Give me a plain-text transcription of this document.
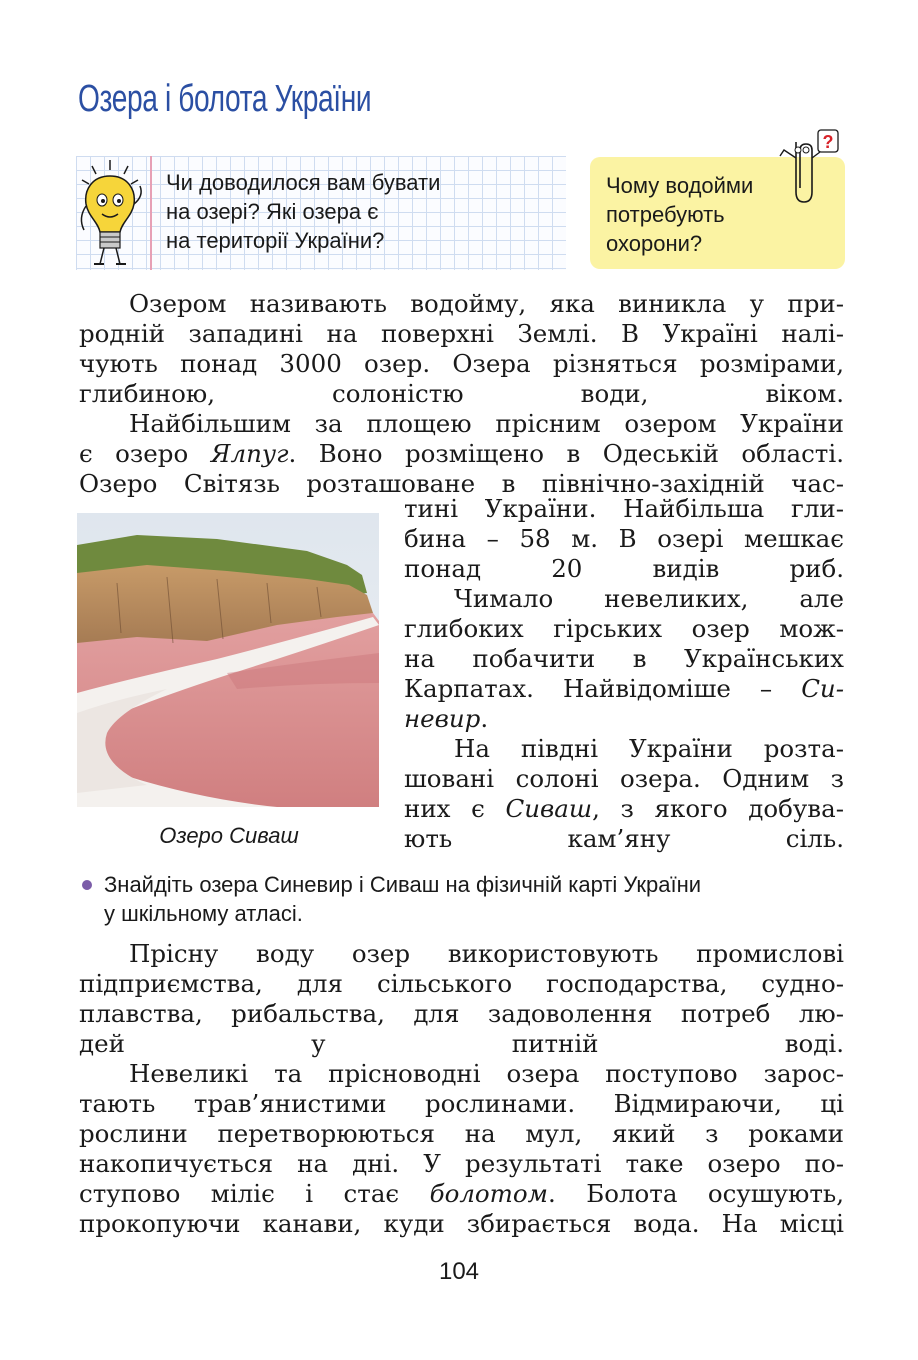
Озера і болота України
Чи доводилося вам бувати
на озері? Які озера є
на території України?
Чому водойми
потребують
охорони?
?
Озером називають водойму, яка виникла у при-
родній западині на поверхні Землі. В Україні налі-
чують понад 3000 озер. Озера різняться розмірами,
глибиною, солоністю води, віком.
Найбільшим за площею прісним озером України
є озеро Ялпуг. Воно розміщено в Одеській області.
Озеро Світязь розташоване в північно-західній час-
Озеро Сиваш
тині України. Найбільша гли-
бина – 58 м. В озері мешкає
понад 20 видів риб.
Чимало невеликих, але
глибоких гірських озер мож-
на побачити в Українських
Карпатах. Найвідоміше – Си-
невир.
На півдні України розта-
шовані солоні озера. Одним з
них є Сиваш, з якого добува-
ють кам’яну сіль.
Знайдіть озера Синевир і Сиваш на фізичній карті України
у шкільному атласі.
Прісну воду озер використовують промислові
підприємства, для сільського господарства, судно-
плавства, рибальства, для задоволення потреб лю-
дей у питній воді.
Невеликі та прісноводні озера поступово зарос-
тають трав’янистими рослинами. Відмираючи, ці
рослини перетворюються на мул, який з роками
накопичується на дні. У результаті таке озеро по-
ступово міліє і стає болотом. Болота осушують,
прокопуючи канави, куди збирається вода. На місці
104
